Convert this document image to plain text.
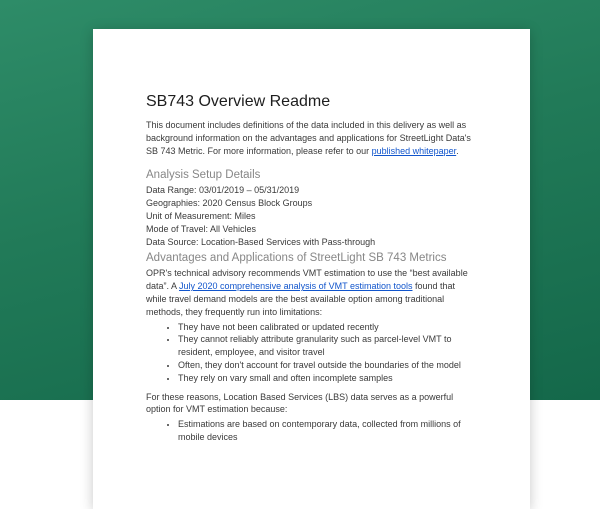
SB743 Overview Readme

This document includes definitions of the data included in this delivery as well as background information on the advantages and applications for StreetLight Data's SB 743 Metric. For more information, please refer to our published whitepaper.

Analysis Setup Details

Data Range: 03/01/2019 – 05/31/2019

Geographies: 2020 Census Block Groups

Unit of Measurement: Miles

Mode of Travel: All Vehicles

Data Source: Location-Based Services with Pass-through

Advantages and Applications of StreetLight SB 743 Metrics

OPR's technical advisory recommends VMT estimation to use the “best available data”. A July 2020 comprehensive analysis of VMT estimation tools found that while travel demand models are the best available option among traditional methods, they frequently run into limitations:

• They have not been calibrated or updated recently
• They cannot reliably attribute granularity such as parcel-level VMT to resident, employee, and visitor travel
• Often, they don't account for travel outside the boundaries of the model
• They rely on vary small and often incomplete samples

For these reasons, Location Based Services (LBS) data serves as a powerful option for VMT estimation because:

• Estimations are based on contemporary data, collected from millions of mobile devices
